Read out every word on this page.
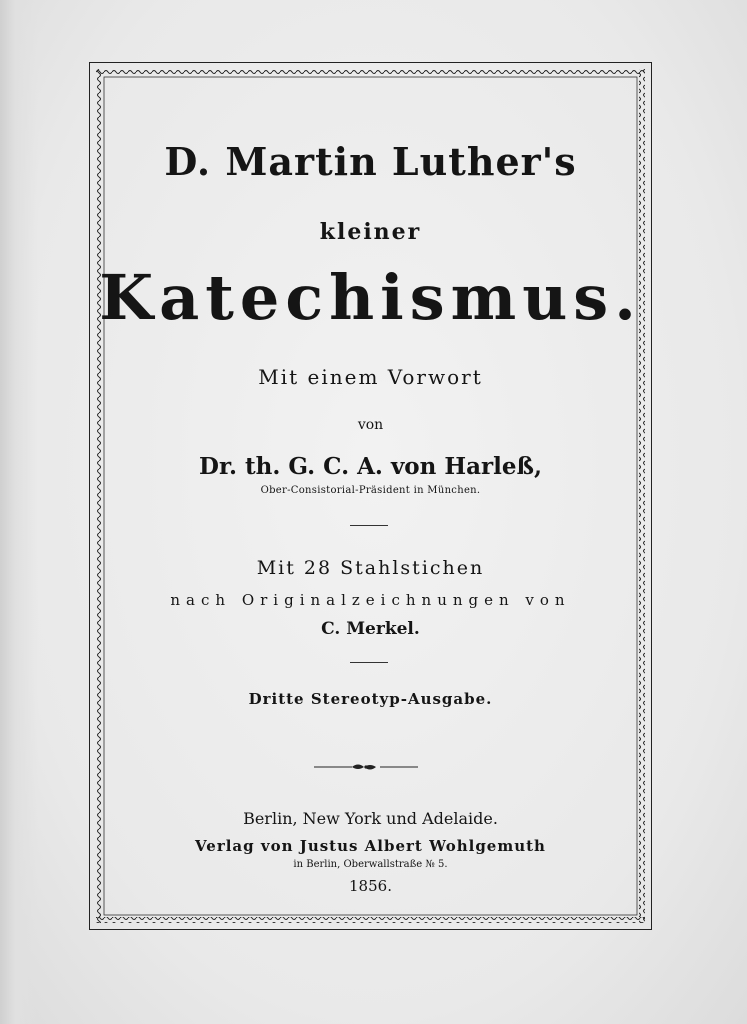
D. Martin Luther's
kleiner
Katechismus.
Mit einem Vorwort
von
Dr. th. G. C. A. von Harleß,
Ober-Consistorial-Präsident in München.
Mit 28 Stahlstichen
nach Originalzeichnungen von
C. Merkel.
Dritte Stereotyp-Ausgabe.
Berlin, New York und Adelaide.
Verlag von Justus Albert Wohlgemuth
in Berlin, Oberwallstraße № 5.
1856.
